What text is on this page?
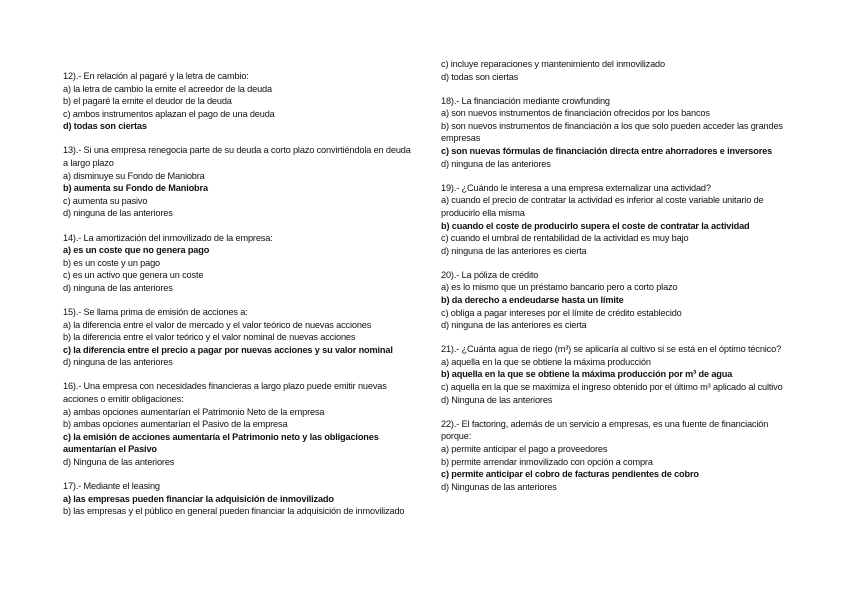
12).- En relación al pagaré y la letra de cambio:
a) la letra de cambio la emite el acreedor de la deuda
b) el pagaré la emite el deudor de la deuda
c) ambos instrumentos aplazan el pago de una deuda
d) todas son ciertas
13).- Si una empresa renegocia parte de su deuda a corto plazo convirtiéndola en deuda a largo plazo
a) disminuye su Fondo de Maniobra
b) aumenta su Fondo de Maniobra
c) aumenta su pasivo
d) ninguna de las anteriores
14).- La amortización del inmovilizado de la empresa:
a) es un coste que no genera pago
b) es un coste y un pago
c) es un activo que genera un coste
d) ninguna de las anteriores
15).- Se llama prima de emisión de acciones a:
a) la diferencia entre el valor de mercado y el valor teórico de nuevas acciones
b) la diferencia entre el valor teórico y el valor nominal de nuevas acciones
c) la diferencia entre el precio a pagar por nuevas acciones y su valor nominal
d) ninguna de las anteriores
16).- Una empresa con necesidades financieras a largo plazo puede emitir nuevas acciones o emitir obligaciones:
a) ambas opciones aumentarían el Patrimonio Neto de la empresa
b) ambas opciones aumentarían el Pasivo de la empresa
c) la emisión de acciones aumentaría el Patrimonio neto y las obligaciones aumentarían el Pasivo
d) Ninguna de las anteriores
17).- Mediante el leasing
a) las empresas pueden financiar la adquisición de inmovilizado
b) las empresas y el público en general pueden financiar la adquisición de inmovilizado
c) incluye reparaciones y mantenimiento del inmovilizado
d) todas son ciertas
18).- La financiación mediante crowfunding
a) son nuevos instrumentos de financiación ofrecidos por los bancos
b) son nuevos instrumentos de financiación a los que solo pueden acceder las grandes empresas
c) son nuevas fórmulas de financiación directa entre ahorradores e inversores
d) ninguna de las anteriores
19).- ¿Cuándo le interesa a una empresa externalizar una actividad?
a) cuando el precio de contratar la actividad es inferior al coste variable unitario de producirlo ella misma
b) cuando el coste de producirlo supera el coste de contratar la actividad
c) cuando el umbral de rentabilidad de la actividad es muy bajo
d) ninguna de las anteriores es cierta
20).- La póliza de crédito
a) es lo mismo que un préstamo bancario pero a corto plazo
b) da derecho a endeudarse hasta un límite
c) obliga a pagar intereses por el límite de crédito establecido
d) ninguna de las anteriores es cierta
21).- ¿Cuánta agua de riego (m³) se aplicaría al cultivo si se está en el óptimo técnico?
a) aquella en la que se obtiene la máxima producción
b) aquella en la que se obtiene la máxima producción por m³ de agua
c) aquella en la que se maximiza el ingreso obtenido por el último m³ aplicado al cultivo
d) Ninguna de las anteriores
22).- El factoring, además de un servicio a empresas, es una fuente de financiación porque:
a) permite anticipar el pago a proveedores
b) permite arrendar inmovilizado con opción a compra
c) permite anticipar el cobro de facturas pendientes de cobro
d) Ningunas de las anteriores
